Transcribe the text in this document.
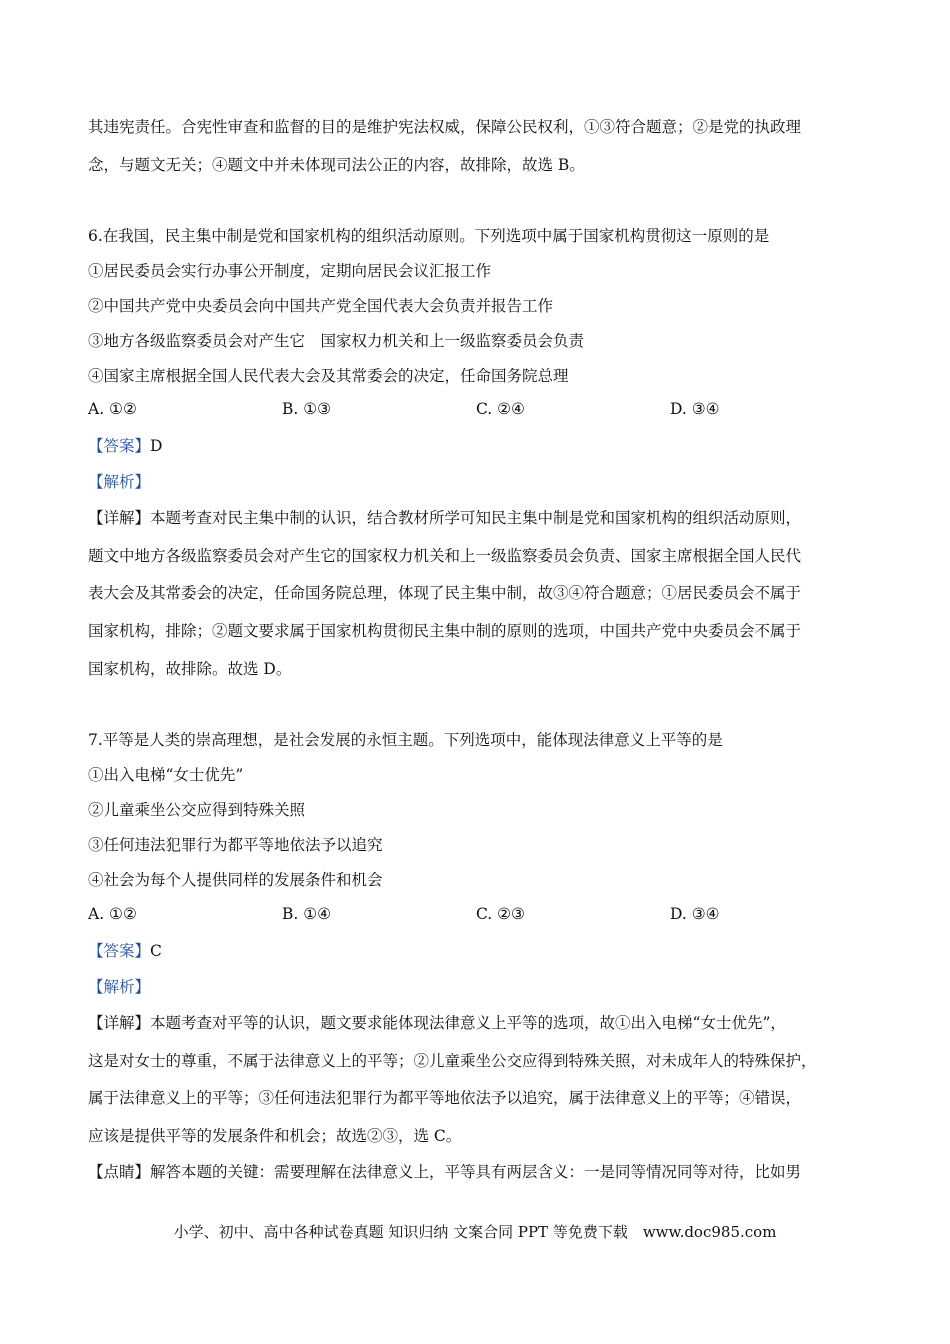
其违宪责任。合宪性审查和监督的目的是维护宪法权威，保障公民权利，①③符合题意；②是党的执政理
念，与题文无关；④题文中并未体现司法公正的内容，故排除，故选 B。
6.在我国，民主集中制是党和国家机构的组织活动原则。下列选项中属于国家机构贯彻这一原则的是
①居民委员会实行办事公开制度，定期向居民会议汇报工作
②中国共产党中央委员会向中国共产党全国代表大会负责并报告工作
③地方各级监察委员会对产生它　国家权力机关和上一级监察委员会负责
④国家主席根据全国人民代表大会及其常委会的决定，任命国务院总理
A. ①②	B. ①③	C. ②④	D. ③④
【答案】D
【解析】
【详解】本题考查对民主集中制的认识，结合教材所学可知民主集中制是党和国家机构的组织活动原则，
题文中地方各级监察委员会对产生它的国家权力机关和上一级监察委员会负责、国家主席根据全国人民代
表大会及其常委会的决定，任命国务院总理，体现了民主集中制，故③④符合题意；①居民委员会不属于
国家机构，排除；②题文要求属于国家机构贯彻民主集中制的原则的选项，中国共产党中央委员会不属于
国家机构，故排除。故选 D。
7.平等是人类的崇高理想，是社会发展的永恒主题。下列选项中，能体现法律意义上平等的是
①出入电梯“女士优先”
②儿童乘坐公交应得到特殊关照
③任何违法犯罪行为都平等地依法予以追究
④社会为每个人提供同样的发展条件和机会
A. ①②	B. ①④	C. ②③	D. ③④
【答案】C
【解析】
【详解】本题考查对平等的认识，题文要求能体现法律意义上平等的选项，故①出入电梯“女士优先”，
这是对女士的尊重，不属于法律意义上的平等；②儿童乘坐公交应得到特殊关照，对未成年人的特殊保护，
属于法律意义上的平等；③任何违法犯罪行为都平等地依法予以追究，属于法律意义上的平等；④错误，
应该是提供平等的发展条件和机会；故选②③，选 C。
【点睛】解答本题的关键：需要理解在法律意义上，平等具有两层含义：一是同等情况同等对待，比如男
小学、初中、高中各种试卷真题 知识归纳 文案合同 PPT 等免费下载　www.doc985.com
